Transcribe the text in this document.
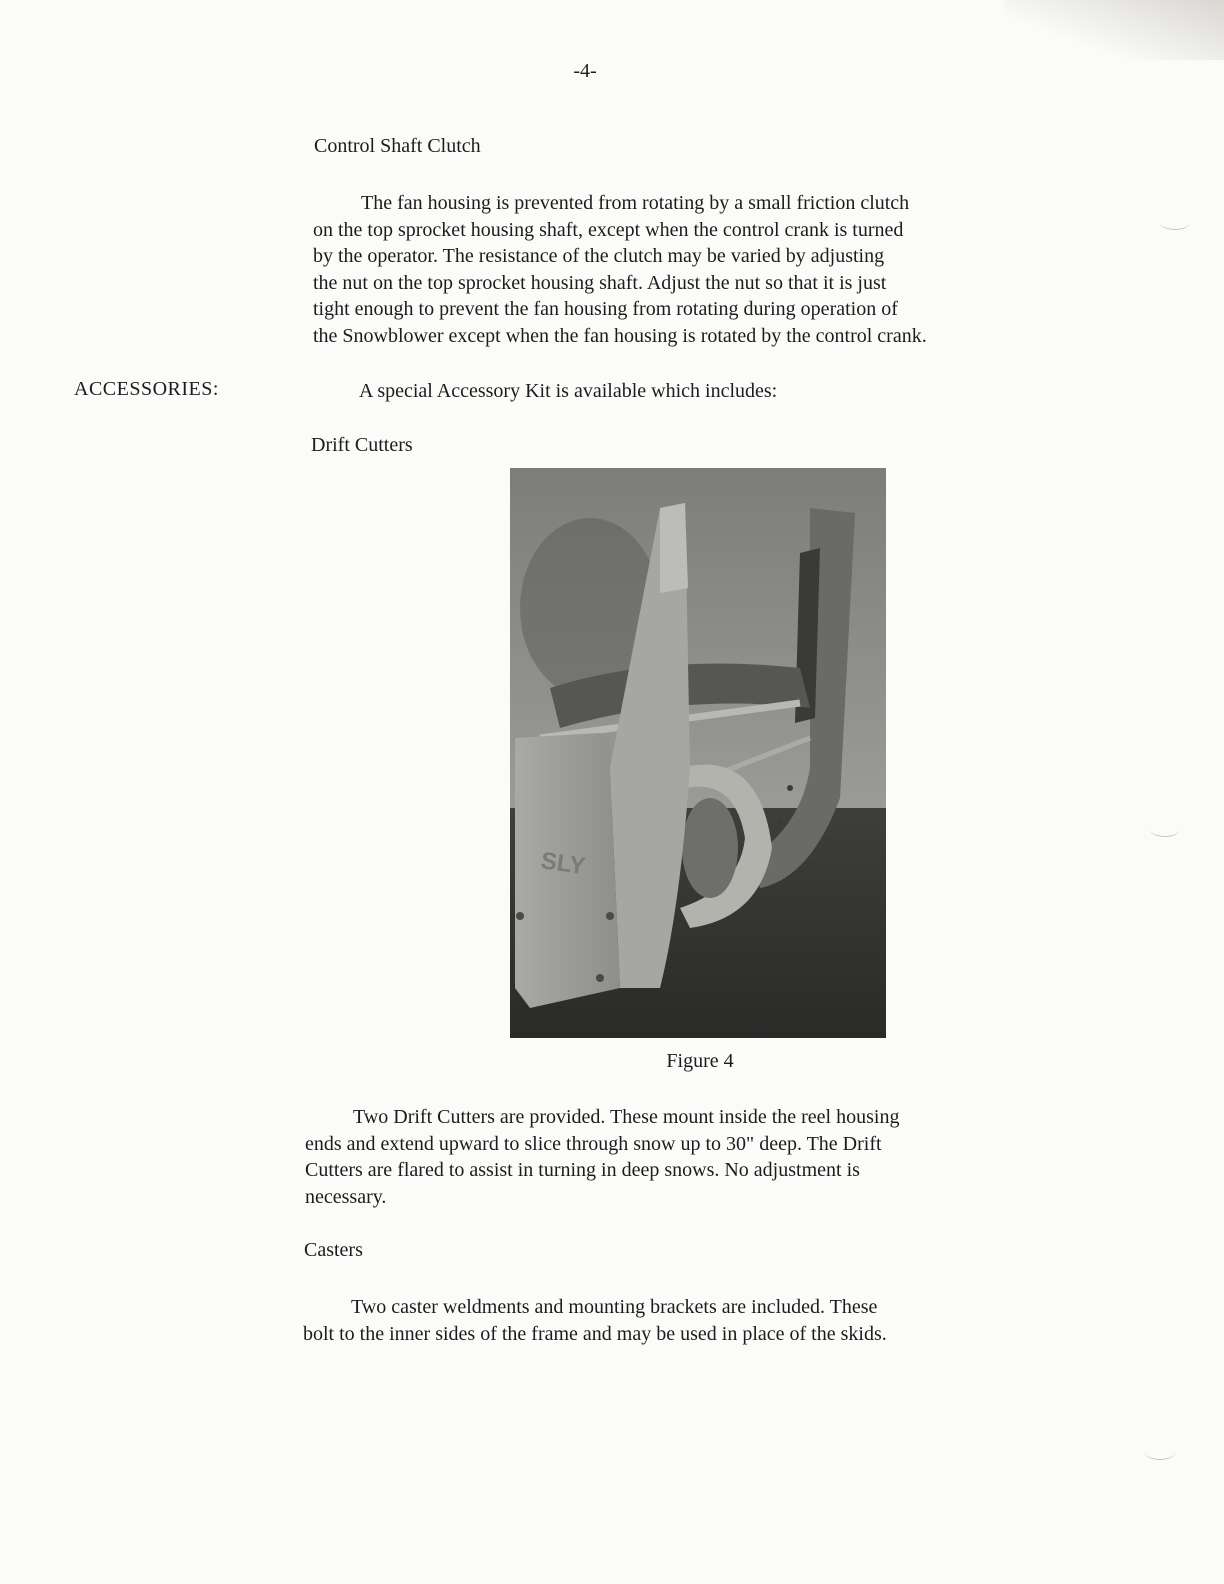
-4-
Control Shaft Clutch
The fan housing is prevented from rotating by a small friction clutch
on the top sprocket housing shaft, except when the control crank is turned
by the operator. The resistance of the clutch may be varied by adjusting
the nut on the top sprocket housing shaft. Adjust the nut so that it is just
tight enough to prevent the fan housing from rotating during operation of
the Snowblower except when the fan housing is rotated by the control crank.
ACCESSORIES:	A special Accessory Kit is available which includes:
Drift Cutters
SLY
Figure 4
Two Drift Cutters are provided. These mount inside the reel housing
ends and extend upward to slice through snow up to 30" deep. The Drift
Cutters are flared to assist in turning in deep snows. No adjustment is
necessary.
Casters
Two caster weldments and mounting brackets are included. These
bolt to the inner sides of the frame and may be used in place of the skids.
